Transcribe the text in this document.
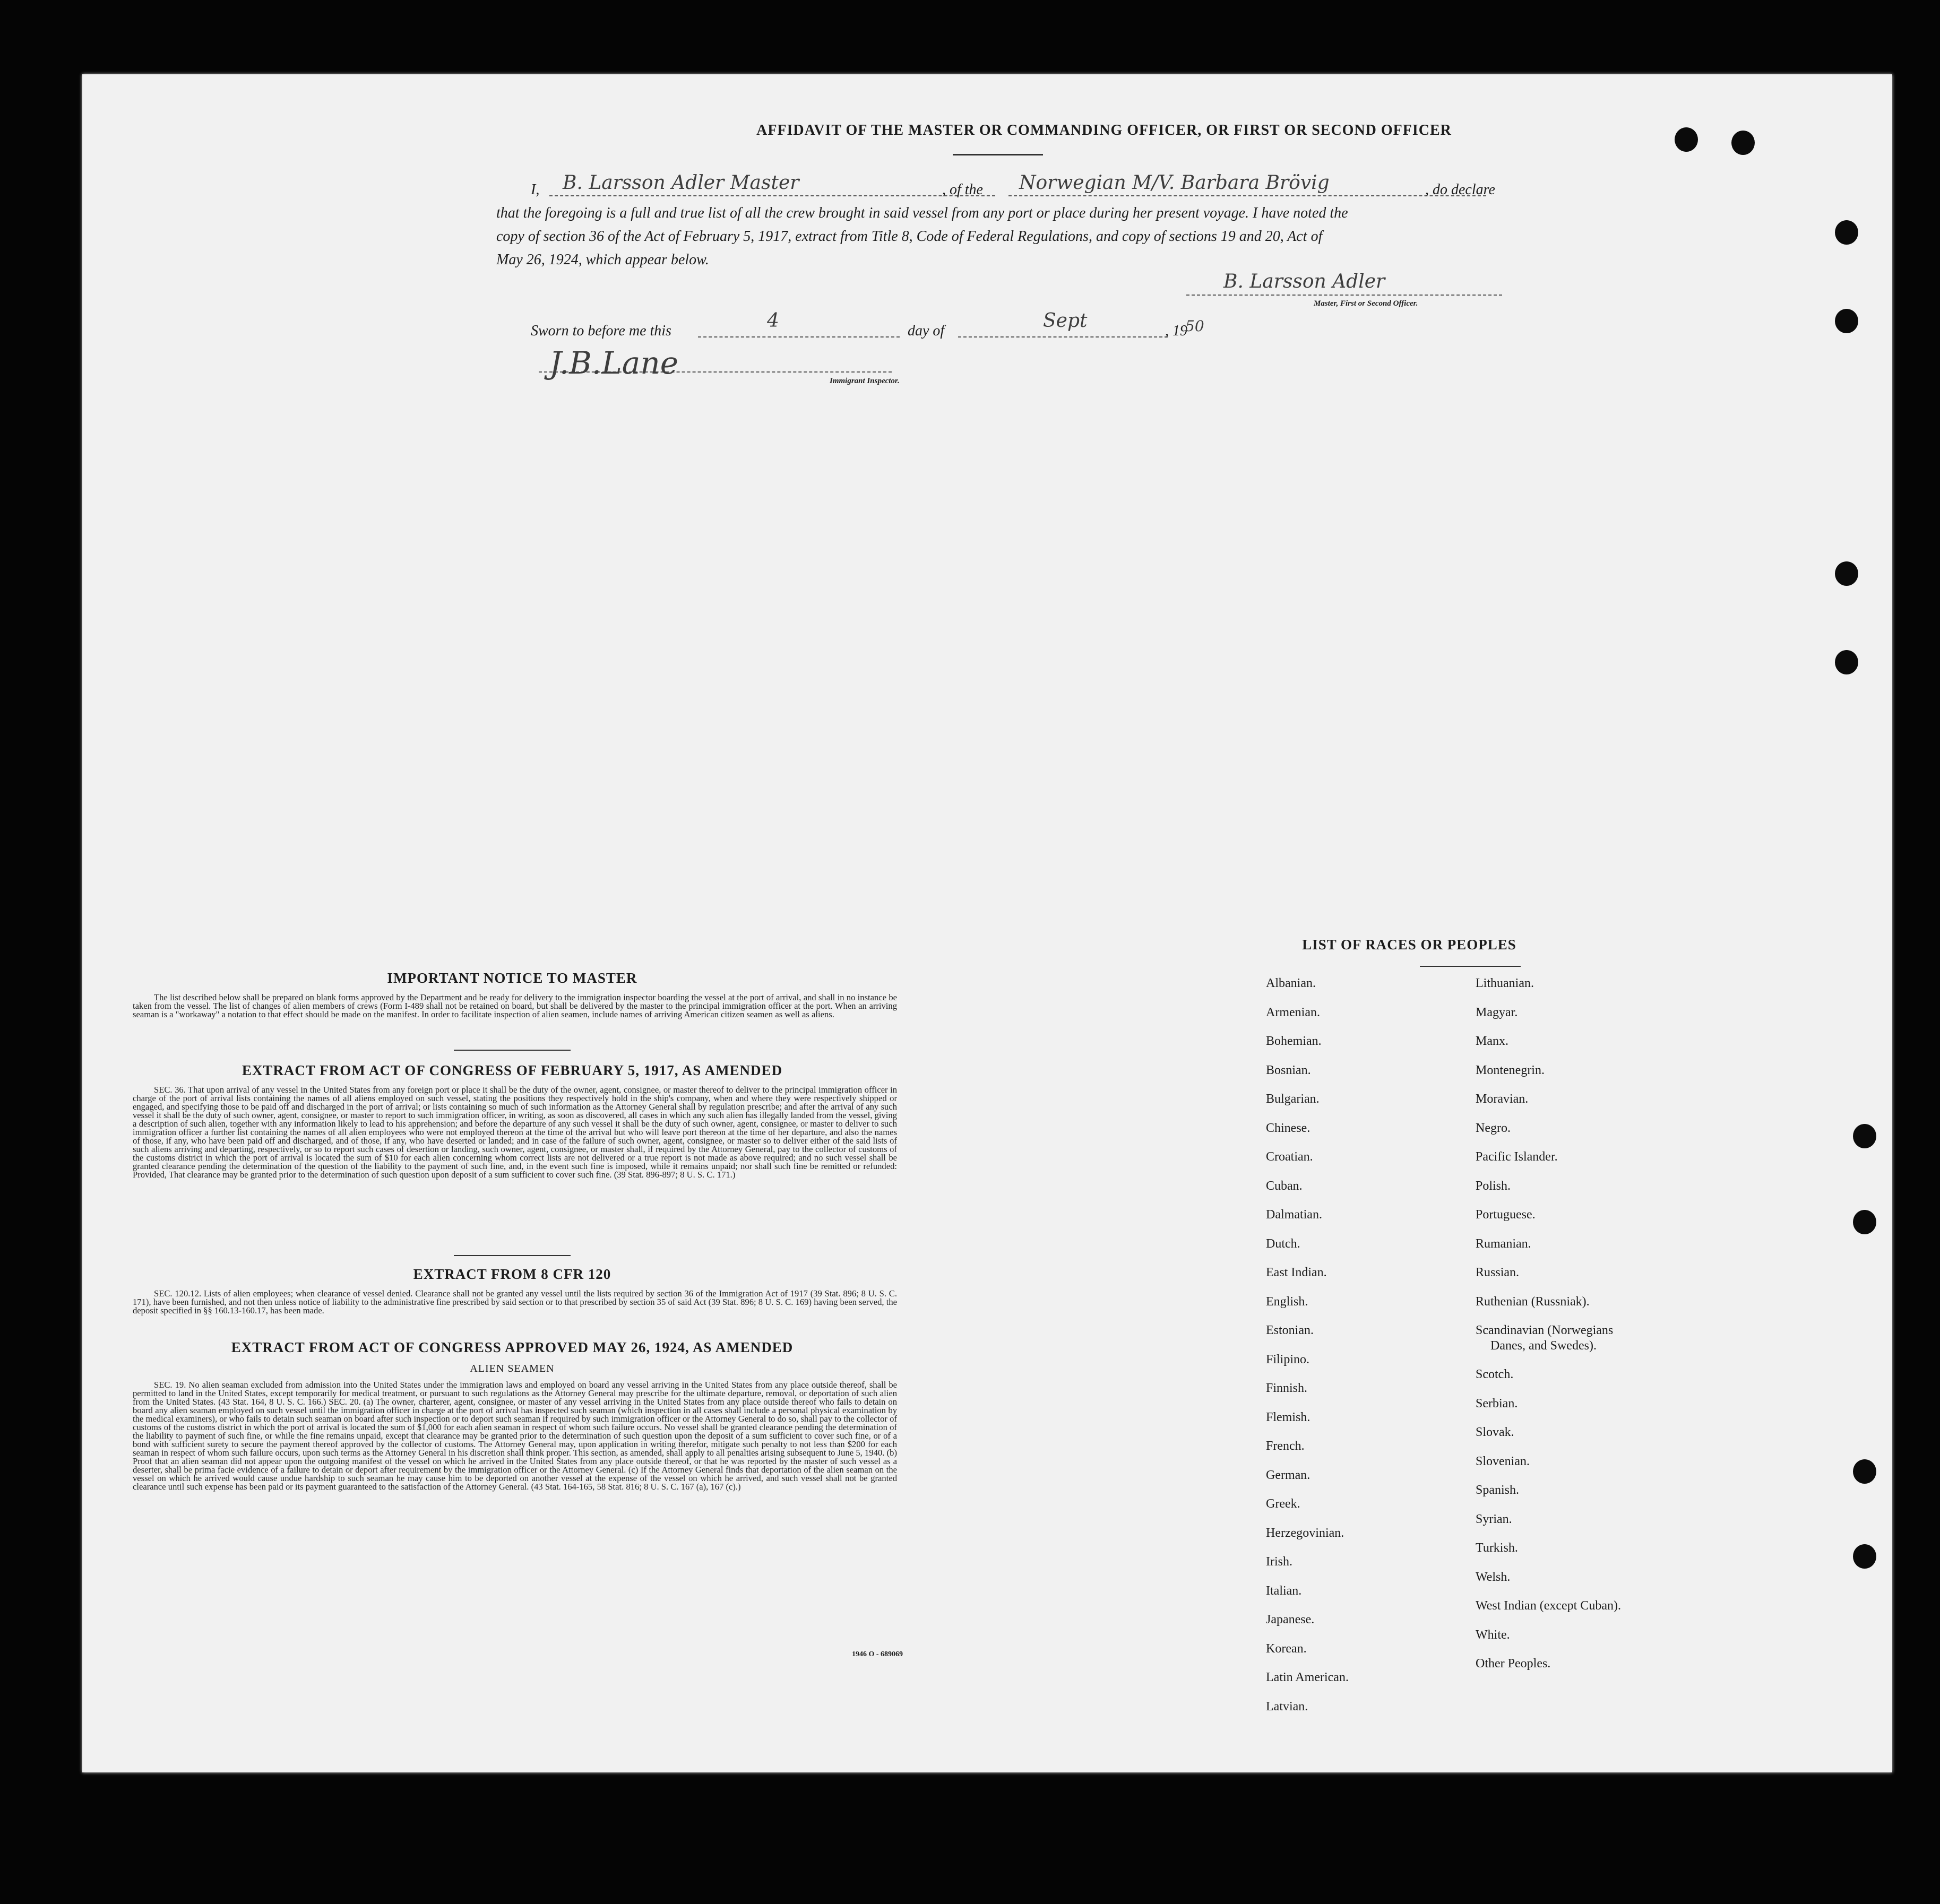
AFFIDAVIT OF THE MASTER OR COMMANDING OFFICER, OR FIRST OR SECOND OFFICER
I, B. Larsson Adler Master	, of the Norwegian M/V. Barbara Brövig	, do declare
that the foregoing is a full and true list of all the crew brought in said vessel from any port or place during her present voyage. I have noted the
copy of section 36 of the Act of February 5, 1917, extract from Title 8, Code of Federal Regulations, and copy of sections 19 and 20, Act of
May 26, 1924, which appear below.
B. Larsson Adler
Master, First or Second Officer.
Sworn to before me this	4	day of	Sept	, 19
50
J.B.Lane	Immigrant Inspector.
IMPORTANT NOTICE TO MASTER
The list described below shall be prepared on blank forms approved by the Department and be ready for delivery to the immigration inspector boarding the vessel at the port of arrival, and shall in no instance be taken from the vessel. The list of changes of alien members of crews (Form I-489 shall not be retained on board, but shall be delivered by the master to the principal immigration officer at the port. When an arriving seaman is a "workaway" a notation to that effect should be made on the manifest. In order to facilitate inspection of alien seamen, include names of arriving American citizen seamen as well as aliens.
EXTRACT FROM ACT OF CONGRESS OF FEBRUARY 5, 1917, AS AMENDED
SEC. 36. That upon arrival of any vessel in the United States from any foreign port or place it shall be the duty of the owner, agent, consignee, or master thereof to deliver to the principal immigration officer in charge of the port of arrival lists containing the names of all aliens employed on such vessel, stating the positions they respectively hold in the ship's company, when and where they were respectively shipped or engaged, and specifying those to be paid off and discharged in the port of arrival; or lists containing so much of such information as the Attorney General shall by regulation prescribe; and after the arrival of any such vessel it shall be the duty of such owner, agent, consignee, or master to report to such immigration officer, in writing, as soon as discovered, all cases in which any such alien has illegally landed from the vessel, giving a description of such alien, together with any information likely to lead to his apprehension; and before the departure of any such vessel it shall be the duty of such owner, agent, consignee, or master to deliver to such immigration officer a further list containing the names of all alien employees who were not employed thereon at the time of the arrival but who will leave port thereon at the time of her departure, and also the names of those, if any, who have been paid off and discharged, and of those, if any, who have deserted or landed; and in case of the failure of such owner, agent, consignee, or master so to deliver either of the said lists of such aliens arriving and departing, respectively, or so to report such cases of desertion or landing, such owner, agent, consignee, or master shall, if required by the Attorney General, pay to the collector of customs of the customs district in which the port of arrival is located the sum of $10 for each alien concerning whom correct lists are not delivered or a true report is not made as above required; and no such vessel shall be granted clearance pending the determination of the question of the liability to the payment of such fine, and, in the event such fine is imposed, while it remains unpaid; nor shall such fine be remitted or refunded: Provided, That clearance may be granted prior to the determination of such question upon deposit of a sum sufficient to cover such fine. (39 Stat. 896-897; 8 U. S. C. 171.)
EXTRACT FROM 8 CFR 120
SEC. 120.12. Lists of alien employees; when clearance of vessel denied. Clearance shall not be granted any vessel until the lists required by section 36 of the Immigration Act of 1917 (39 Stat. 896; 8 U. S. C. 171), have been furnished, and not then unless notice of liability to the administrative fine prescribed by said section or to that prescribed by section 35 of said Act (39 Stat. 896; 8 U. S. C. 169) having been served, the deposit specified in §§ 160.13-160.17, has been made.
EXTRACT FROM ACT OF CONGRESS APPROVED MAY 26, 1924, AS AMENDED
ALIEN SEAMEN
SEC. 19. No alien seaman excluded from admission into the United States under the immigration laws and employed on board any vessel arriving in the United States from any place outside thereof, shall be permitted to land in the United States, except temporarily for medical treatment, or pursuant to such regulations as the Attorney General may prescribe for the ultimate departure, removal, or deportation of such alien from the United States. (43 Stat. 164, 8 U. S. C. 166.) SEC. 20. (a) The owner, charterer, agent, consignee, or master of any vessel arriving in the United States from any place outside thereof who fails to detain on board any alien seaman employed on such vessel until the immigration officer in charge at the port of arrival has inspected such seaman (which inspection in all cases shall include a personal physical examination by the medical examiners), or who fails to detain such seaman on board after such inspection or to deport such seaman if required by such immigration officer or the Attorney General to do so, shall pay to the collector of customs of the customs district in which the port of arrival is located the sum of $1,000 for each alien seaman in respect of whom such failure occurs. No vessel shall be granted clearance pending the determination of the liability to payment of such fine, or while the fine remains unpaid, except that clearance may be granted prior to the determination of such question upon the deposit of a sum sufficient to cover such fine, or of a bond with sufficient surety to secure the payment thereof approved by the collector of customs. The Attorney General may, upon application in writing therefor, mitigate such penalty to not less than $200 for each seaman in respect of whom such failure occurs, upon such terms as the Attorney General in his discretion shall think proper. This section, as amended, shall apply to all penalties arising subsequent to June 5, 1940. (b) Proof that an alien seaman did not appear upon the outgoing manifest of the vessel on which he arrived in the United States from any place outside thereof, or that he was reported by the master of such vessel as a deserter, shall be prima facie evidence of a failure to detain or deport after requirement by the immigration officer or the Attorney General. (c) If the Attorney General finds that deportation of the alien seaman on the vessel on which he arrived would cause undue hardship to such seaman he may cause him to be deported on another vessel at the expense of the vessel on which he arrived, and such vessel shall not be granted clearance until such expense has been paid or its payment guaranteed to the satisfaction of the Attorney General. (43 Stat. 164-165, 58 Stat. 816; 8 U. S. C. 167 (a), 167 (c).)
1946 O - 689069
LIST OF RACES OR PEOPLES
Albanian.
Armenian.
Bohemian.
Bosnian.
Bulgarian.
Chinese.
Croatian.
Cuban.
Dalmatian.
Dutch.
East Indian.
English.
Estonian.
Filipino.
Finnish.
Flemish.
French.
German.
Greek.
Herzegovinian.
Irish.
Italian.
Japanese.
Korean.
Latin American.
Latvian.
Lithuanian.
Magyar.
Manx.
Montenegrin.
Moravian.
Negro.
Pacific Islander.
Polish.
Portuguese.
Rumanian.
Russian.
Ruthenian (Russniak).
Scandinavian (Norwegians
Danes, and Swedes).
Scotch.
Serbian.
Slovak.
Slovenian.
Spanish.
Syrian.
Turkish.
Welsh.
West Indian (except Cuban).
White.
Other Peoples.
